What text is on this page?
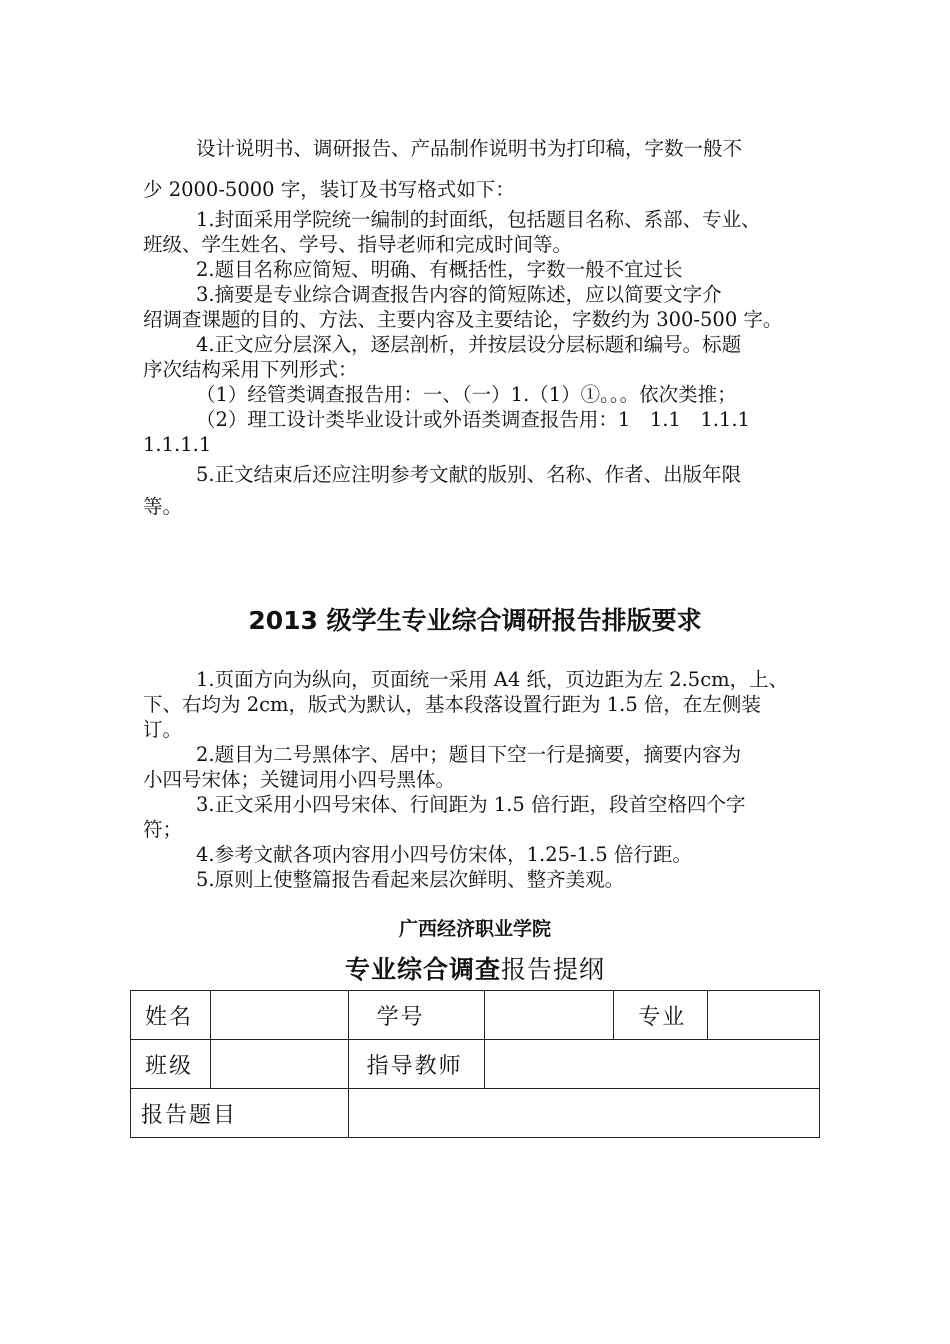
设计说明书、调研报告、产品制作说明书为打印稿，字数一般不

少 2000-5000 字，装订及书写格式如下：

1.封面采用学院统一编制的封面纸，包括题目名称、系部、专业、

班级、学生姓名、学号、指导老师和完成时间等。

2.题目名称应简短、明确、有概括性，字数一般不宜过长

3.摘要是专业综合调查报告内容的简短陈述，应以简要文字介

绍调查课题的目的、方法、主要内容及主要结论，字数约为 300-500 字。

4.正文应分层深入，逐层剖析，并按层设分层标题和编号。标题

序次结构采用下列形式：

（1）经管类调查报告用：一、（一）1.（1）①。。。依次类推；

（2）理工设计类毕业设计或外语类调查报告用：1　1.1　1.1.1

1.1.1.1

5.正文结束后还应注明参考文献的版别、名称、作者、出版年限

等。

2013 级学生专业综合调研报告排版要求

1.页面方向为纵向，页面统一采用 A4 纸，页边距为左 2.5cm，上、

下、右均为 2cm，版式为默认，基本段落设置行距为 1.5 倍，在左侧装

订。

2.题目为二号黑体字、居中；题目下空一行是摘要，摘要内容为

小四号宋体；关键词用小四号黑体。

3.正文采用小四号宋体、行间距为 1.5 倍行距，段首空格四个字

符；

4.参考文献各项内容用小四号仿宋体，1.25-1.5 倍行距。

5.原则上使整篇报告看起来层次鲜明、整齐美观。

广西经济职业学院

专业综合调查报告提纲

姓名		学号		专业	
班级		指导教师			
报告题目					
